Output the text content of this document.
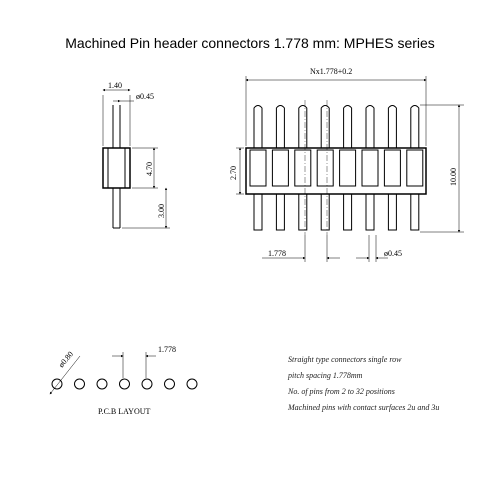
Machined Pin header connectors 1.778 mm: MPHES series
1.40
ø0.45
4.70
3.00
Nx1.778+0.2
2.70	10.00
1.778	ø0.45
ø0.80
1.778
P.C.B LAYOUT
Straight type connectors single row
pitch spacing 1.778mm
No. of pins from 2 to 32 positions
Machined pins with contact surfaces 2u and 3u
